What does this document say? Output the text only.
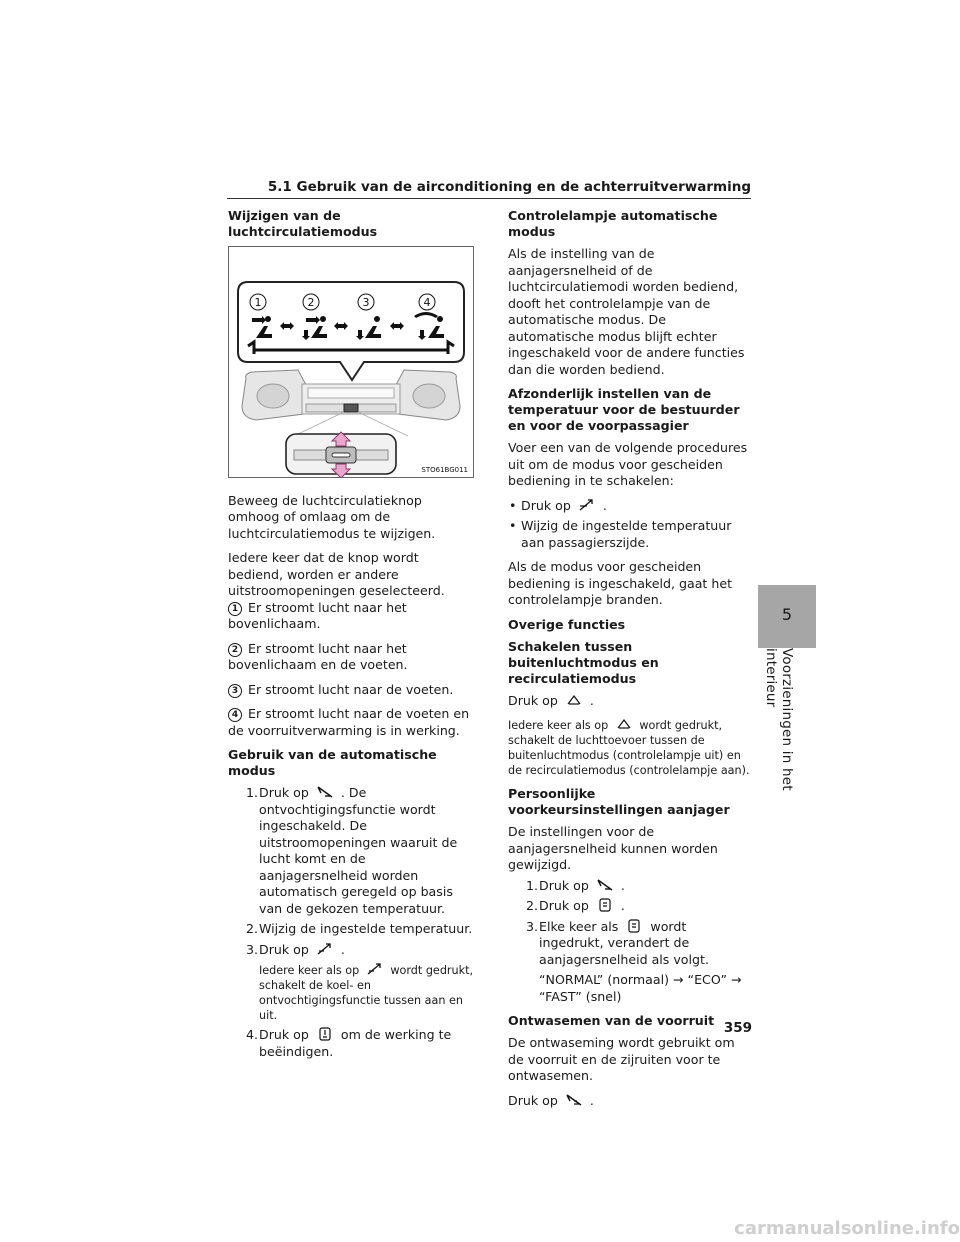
5.1 Gebruik van de airconditioning en de achterruitverwarming
Wijzigen van de luchtcirculatiemodus
1	2	3	4
STO61BG011

Beweeg de luchtcirculatieknop omhoog of omlaag om de luchtcirculatiemodus te wijzigen.

Iedere keer dat de knop wordt bediend, worden er andere uitstroomopeningen geselecteerd.

1 Er stroomt lucht naar het bovenlichaam.
2 Er stroomt lucht naar het bovenlichaam en de voeten.
3 Er stroomt lucht naar de voeten.
4 Er stroomt lucht naar de voeten en de voorruitverwarming is in werking.
Gebruik van de automatische modus
1. Druk op	. De ontvochtigingsfunctie wordt ingeschakeld. De uitstroomopeningen waaruit de lucht komt en de aanjagersnelheid worden automatisch geregeld op basis van de gekozen temperatuur.
2. Wijzig de ingestelde temperatuur.
3. Druk op	.
Iedere keer als op	wordt gedrukt, schakelt de koel- en ontvochtigingsfunctie tussen aan en uit.
4. Druk op	om de werking te beëindigen.
Controlelampje automatische modus

Als de instelling van de aanjagersnelheid of de luchtcirculatiemodi worden bediend, dooft het controlelampje van de automatische modus. De automatische modus blijft echter ingeschakeld voor de andere functies dan die worden bediend.

Afzonderlijk instellen van de temperatuur voor de bestuurder en voor de voorpassagier

Voer een van de volgende procedures uit om de modus voor gescheiden bediening in te schakelen:

• Druk op	.
• Wijzig de ingestelde temperatuur aan passagierszijde.

Als de modus voor gescheiden bediening is ingeschakeld, gaat het controlelampje branden.

Overige functies
Schakelen tussen buitenluchtmodus en recirculatiemodus

Druk op	.

Iedere keer als op	wordt gedrukt, schakelt de luchttoevoer tussen de buitenluchtmodus (controlelampje uit) en de recirculatiemodus (controlelampje aan).

Persoonlijke voorkeursinstellingen aanjager

De instellingen voor de aanjagersnelheid kunnen worden gewijzigd.

1. Druk op	.
2. Druk op	.
3. Elke keer als	wordt ingedrukt, verandert de aanjagersnelheid als volgt.
“NORMAL” (normaal) → “ECO” → “FAST” (snel)
Ontwasemen van de voorruit

De ontwaseming wordt gebruikt om de voorruit en de zijruiten voor te ontwasemen.

Druk op	.

5
Voorzieningen in het interieur
359
carmanualsonline.info
